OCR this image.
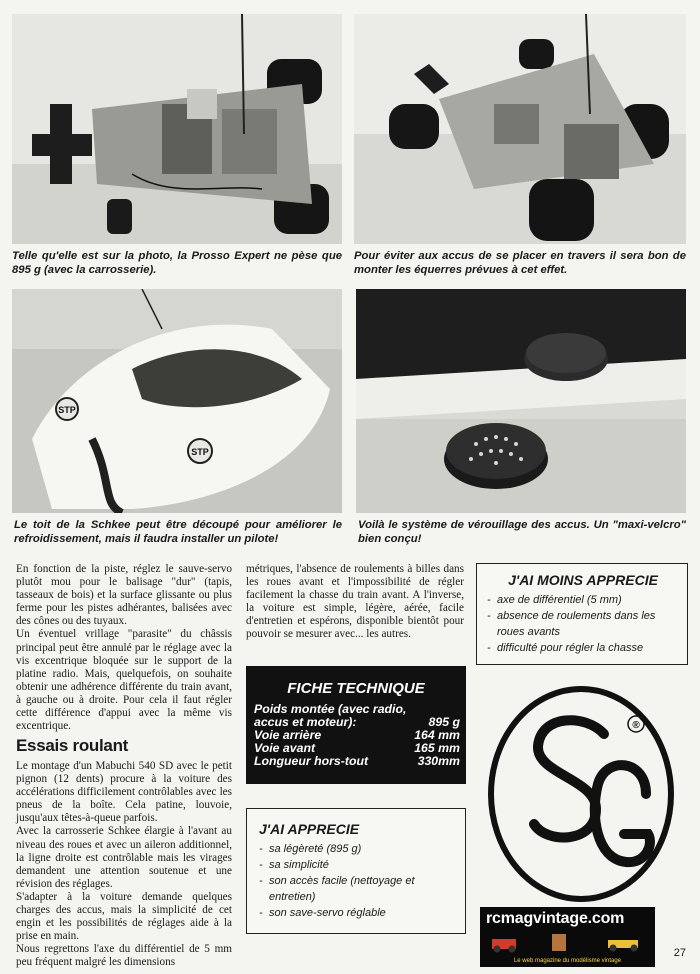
Telle qu'elle est sur la photo, la Prosso Expert ne pèse que 895 g (avec la carrosserie).

Pour éviter aux accus de se placer en travers il sera bon de monter les équerres prévues à cet effet.

STP
STP

Le toit de la Schkee peut être découpé pour améliorer le refroidissement, mais il faudra installer un pilote!

Voilà le système de vérouillage des accus. Un "maxi-velcro" bien conçu!

En fonction de la piste, réglez le sauve-servo plutôt mou pour le balisage "dur" (tapis, tasseaux de bois) et la surface glissante ou plus ferme pour les pistes adhérantes, balisées avec des cônes ou des tuyaux.

Un éventuel vrillage "parasite" du châssis principal peut être annulé par le réglage avec la vis excentrique bloquée sur le support de la platine radio. Mais, quelquefois, on souhaite obtenir une adhérence différente du train avant, à gauche ou à droite. Pour cela il faut régler cette différence d'appui avec la même vis excentrique.

Essais roulant

Le montage d'un Mabuchi 540 SD avec le petit pignon (12 dents) procure à la voiture des accélérations difficilement contrôlables avec les pneus de la boîte. Cela patine, louvoie, jusqu'aux têtes-à-queue parfois.

Avec la carrosserie Schkee élargie à l'avant au niveau des roues et avec un aileron additionnel, la ligne droite est contrôlable mais les virages demandent une attention soutenue et une révision des réglages.

S'adapter à la voiture demande quelques charges des accus, mais la simplicité de cet engin et les possibilités de réglages aide à la prise en main.

Nous regrettons l'axe du différentiel de 5 mm peu fréquent malgré les dimensions

métriques, l'absence de roulements à billes dans les roues avant et l'impossibilité de régler facilement la chasse du train avant. A l'inverse, la voiture est simple, légère, aérée, facile d'entretien et espérons, disponible bientôt pour pouvoir se mesurer avec... les autres.

FICHE TECHNIQUE
Poids montée (avec radio, accus et moteur):	895 g
Voie arrière	164 mm
Voie avant	165 mm
Longueur hors-tout	330mm

J'AI APPRECIE

- sa légèreté (895 g)
- sa simplicité
- son accès facile (nettoyage et entretien)
- son save-servo réglable

J'AI MOINS APPRECIE

- axe de différentiel (5 mm)
- absence de roulements dans les roues avants
- difficulté pour régler la chasse
®
rcmagvintage.com
Le web magazine du modélisme vintage
27
